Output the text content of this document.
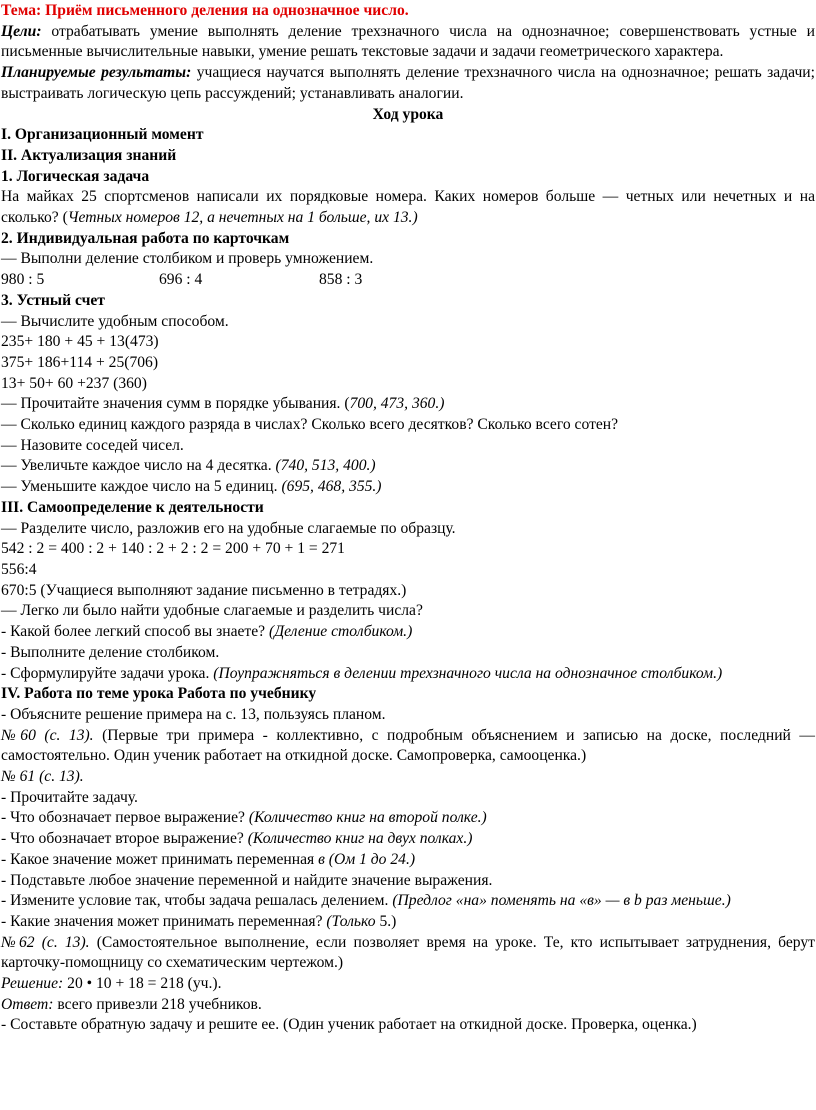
Тема: Приём письменного деления на однозначное число.
Цели: отрабатывать умение выполнять деление трехзначного числа на однозначное; совершенствовать устные и письменные вычислительные навыки, умение решать текстовые задачи и задачи геометрического характера.
Планируемые результаты: учащиеся научатся выполнять деление трехзначного числа на однозначное; решать задачи; выстраивать логическую цепь рассуждений; устанавливать аналогии.
Ход урока
I. Организационный момент
II. Актуализация знаний
1. Логическая задача
На майках 25 спортсменов написали их порядковые номера. Каких номеров больше — четных или нечетных и на сколько? (Четных номеров 12, а нечетных на 1 больше, их 13.)
2. Индивидуальная работа по карточкам
— Выполни деление столбиком и проверь умножением.
980 : 5	696 : 4	858 : 3
3. Устный счет
— Вычислите удобным способом.
235+ 180 + 45 + 13(473)
375+ 186+114 + 25(706)
13+ 50+ 60 +237 (360)
— Прочитайте значения сумм в порядке убывания. (700, 473, 360.)
— Сколько единиц каждого разряда в числах? Сколько всего десятков? Сколько всего сотен?
— Назовите соседей чисел.
— Увеличьте каждое число на 4 десятка. (740, 513, 400.)
— Уменьшите каждое число на 5 единиц. (695, 468, 355.)
III. Самоопределение к деятельности
— Разделите число, разложив его на удобные слагаемые по образцу.
542 : 2 = 400 : 2 + 140 : 2 + 2 : 2 = 200 + 70 + 1 = 271
556:4
670:5 (Учащиеся выполняют задание письменно в тетрадях.)
— Легко ли было найти удобные слагаемые и разделить числа?
- Какой более легкий способ вы знаете? (Деление столбиком.)
- Выполните деление столбиком.
- Сформулируйте задачи урока. (Поупражняться в делении трехзначного числа на однозначное столбиком.)
IV. Работа по теме урока Работа по учебнику
- Объясните решение примера на с. 13, пользуясь планом.
№60 (с. 13). (Первые три примера - коллективно, с подробным объяснением и записью на доске, последний — самостоятельно. Один ученик работает на откидной доске. Самопроверка, самооценка.)
№ 61 (с. 13).
- Прочитайте задачу.
- Что обозначает первое выражение? (Количество книг на второй полке.)
- Что обозначает второе выражение? (Количество книг на двух полках.)
- Какое значение может принимать переменная в (Ом 1 до 24.)
- Подставьте любое значение переменной и найдите значение выражения.
- Измените условие так, чтобы задача решалась делением. (Предлог «на» поменять на «в» — в b раз меньше.)
- Какие значения может принимать переменная? (Только 5.)
№62 (с. 13). (Самостоятельное выполнение, если позволяет время на уроке. Те, кто испытывает затруднения, берут карточку-помощницу со схематическим чертежом.)
Решение: 20 • 10 + 18 = 218 (уч.).
Ответ: всего привезли 218 учебников.
- Составьте обратную задачу и решите ее. (Один ученик работает на откидной доске. Проверка, оценка.)
